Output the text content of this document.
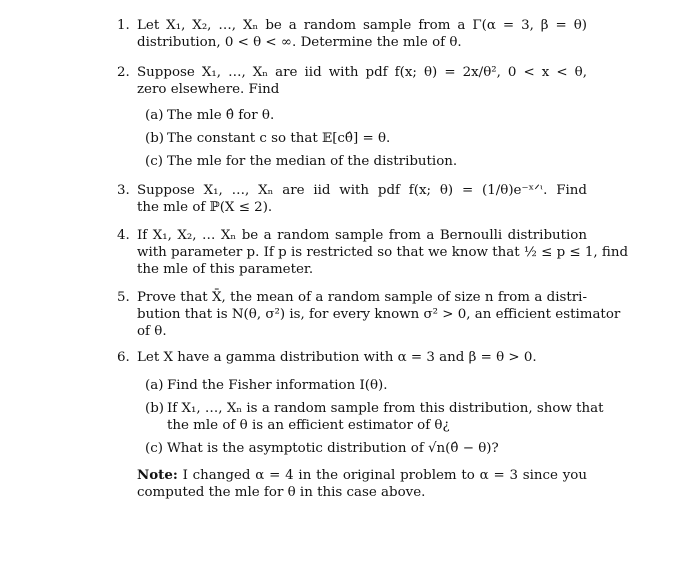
1. Let X₁, X₂, …, Xₙ be a random sample from a Γ(α = 3, β = θ)
distribution, 0 < θ < ∞. Determine the mle of θ.
2. Suppose X₁, …, Xₙ are iid with pdf f(x; θ) = 2x/θ², 0 < x < θ,
zero elsewhere. Find
(a) The mle θ̂ for θ.
(b) The constant c so that 𝔼[cθ̂] = θ.
(c) The mle for the median of the distribution.
3. Suppose X₁, …, Xₙ are iid with pdf f(x; θ) = (1/θ)e⁻ˣᐟᶥ. Find
the mle of ℙ(X ≤ 2).
4. If X₁, X₂, … Xₙ be a random sample from a Bernoulli distribution
with parameter p. If p is restricted so that we know that ½ ≤ p ≤ 1, find
the mle of this parameter.
5. Prove that X̄, the mean of a random sample of size n from a distri-
bution that is N(θ, σ²) is, for every known σ² > 0, an efficient estimator
of θ.
6. Let X have a gamma distribution with α = 3 and β = θ > 0.
(a) Find the Fisher information I(θ).
(b) If X₁, …, Xₙ is a random sample from this distribution, show that
the mle of θ is an efficient estimator of θ¿
(c) What is the asymptotic distribution of √n(θ̂ − θ)?
Note: I changed α = 4 in the original problem to α = 3 since you
computed the mle for θ in this case above.
